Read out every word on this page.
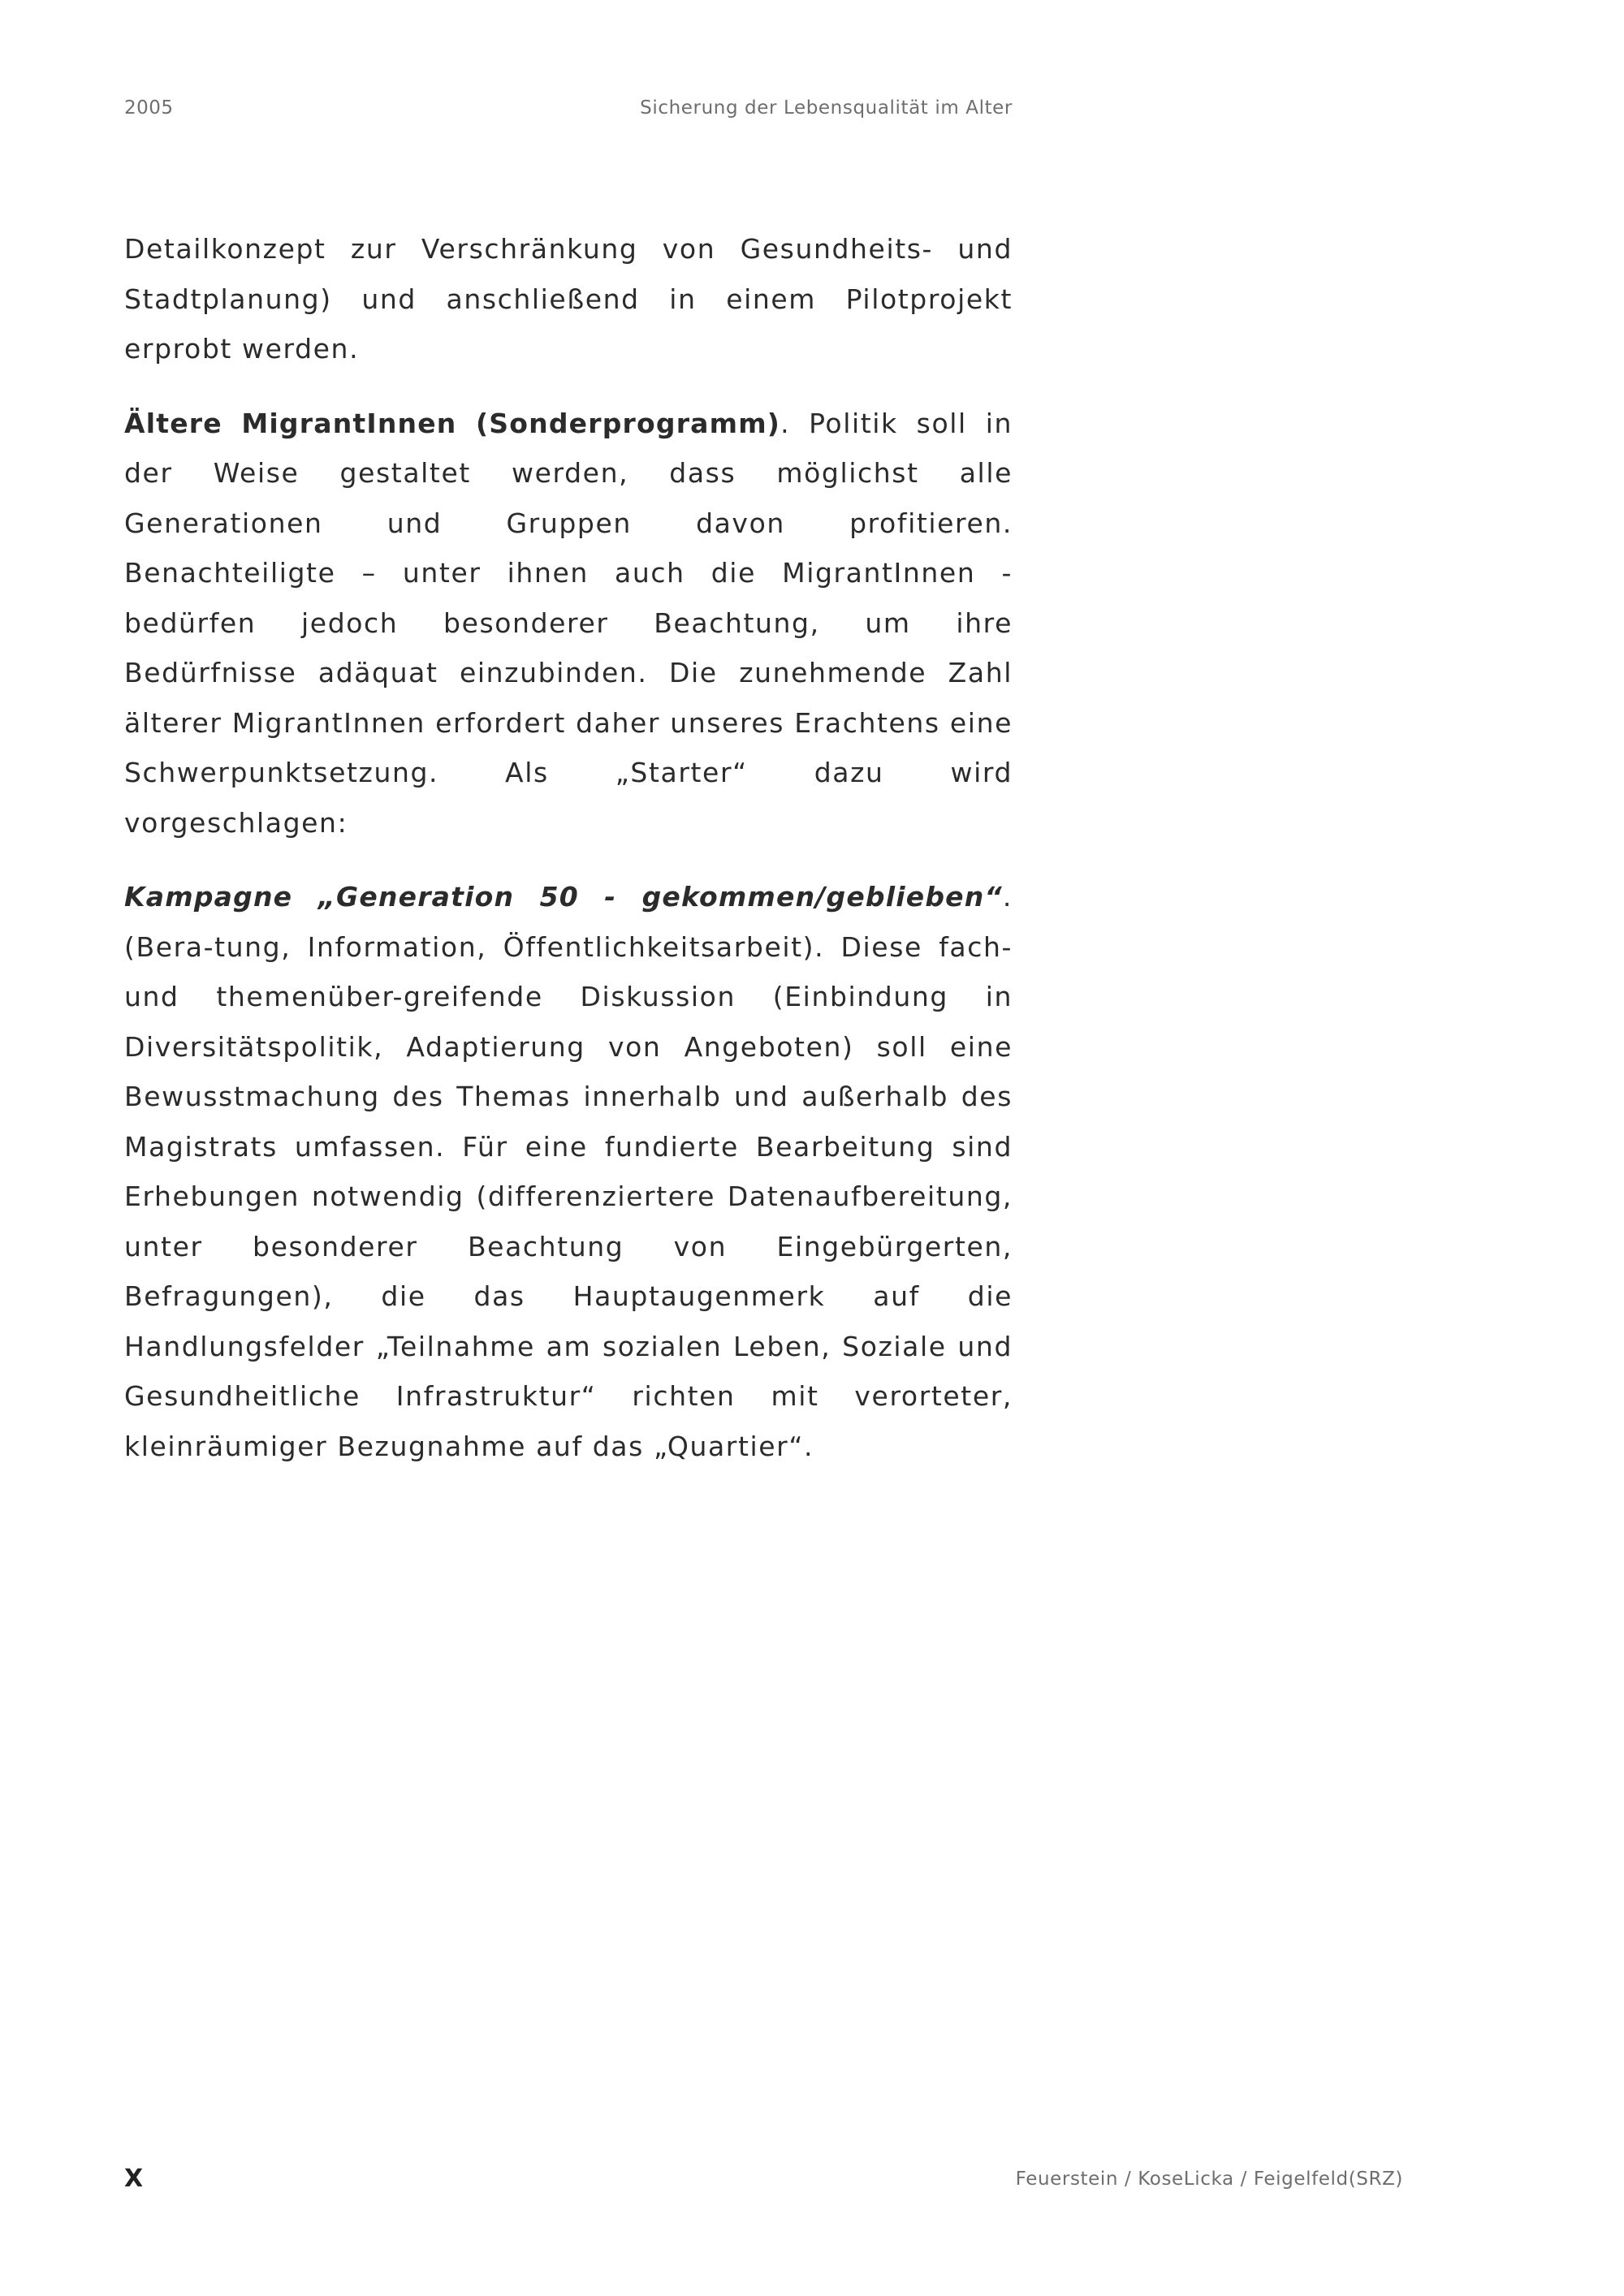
2005	Sicherung der Lebensqualität im Alter

Detailkonzept zur Verschränkung von Gesundheits- und Stadtplanung) und anschließend in einem Pilotprojekt erprobt werden.

Ältere MigrantInnen (Sonderprogramm). Politik soll in der Weise gestaltet werden, dass möglichst alle Generationen und Gruppen davon profitieren. Benachteiligte – unter ihnen auch die MigrantInnen - bedürfen jedoch besonderer Beachtung, um ihre Bedürfnisse adäquat einzubinden. Die zunehmende Zahl älterer MigrantInnen erfordert daher unseres Erachtens eine Schwerpunktsetzung. Als „Starter“ dazu wird vorgeschlagen:

Kampagne „Generation 50 - gekommen/geblieben“. (Bera-tung, Information, Öffentlichkeitsarbeit). Diese fach- und themenüber-greifende Diskussion (Einbindung in Diversitätspolitik, Adaptierung von Angeboten) soll eine Bewusstmachung des Themas innerhalb und außerhalb des Magistrats umfassen. Für eine fundierte Bearbeitung sind Erhebungen notwendig (differenziertere Datenaufbereitung, unter besonderer Beachtung von Eingebürgerten, Befragungen), die das Hauptaugenmerk auf die Handlungsfelder „Teilnahme am sozialen Leben, Soziale und Gesundheitliche Infrastruktur“ richten mit verorteter, kleinräumiger Bezugnahme auf das „Quartier“.

X	Feuerstein / KoseLicka / Feigelfeld(SRZ)
